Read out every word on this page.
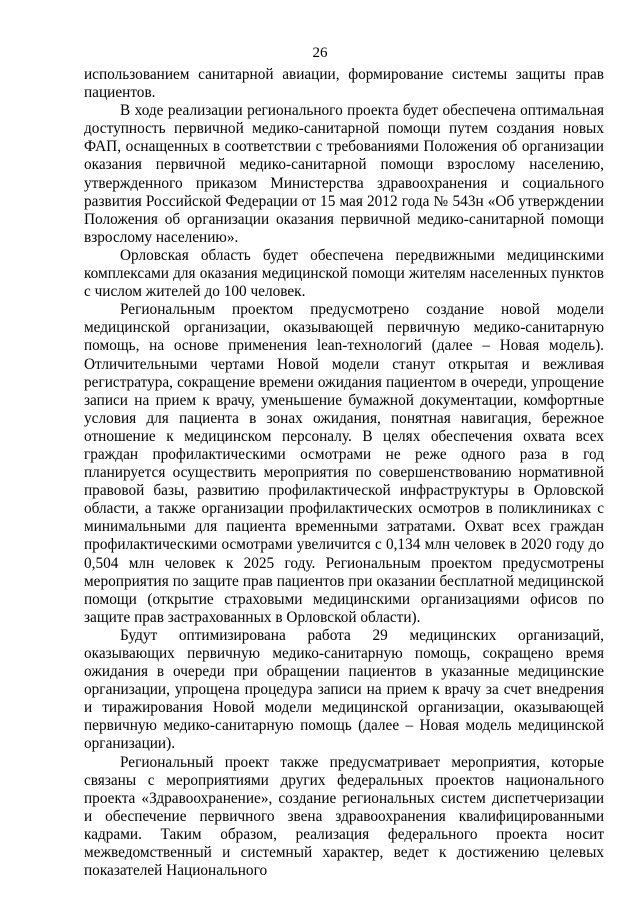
26

использованием санитарной авиации, формирование системы защиты прав пациентов.

В ходе реализации регионального проекта будет обеспечена оптимальная доступность первичной медико-санитарной помощи путем создания новых ФАП, оснащенных в соответствии с требованиями Положения об организации оказания первичной медико-санитарной помощи взрослому населению, утвержденного приказом Министерства здравоохранения и социального развития Российской Федерации от 15 мая 2012 года № 543н «Об утверждении Положения об организации оказания первичной медико-санитарной помощи взрослому населению».

Орловская область будет обеспечена передвижными медицинскими комплексами для оказания медицинской помощи жителям населенных пунктов с числом жителей до 100 человек.

Региональным проектом предусмотрено создание новой модели медицинской организации, оказывающей первичную медико-санитарную помощь, на основе применения lean-технологий (далее – Новая модель). Отличительными чертами Новой модели станут открытая и вежливая регистратура, сокращение времени ожидания пациентом в очереди, упрощение записи на прием к врачу, уменьшение бумажной документации, комфортные условия для пациента в зонах ожидания, понятная навигация, бережное отношение к медицинском персоналу. В целях обеспечения охвата всех граждан профилактическими осмотрами не реже одного раза в год планируется осуществить мероприятия по совершенствованию нормативной правовой базы, развитию профилактической инфраструктуры в Орловской области, а также организации профилактических осмотров в поликлиниках с минимальными для пациента временными затратами. Охват всех граждан профилактическими осмотрами увеличится с 0,134 млн человек в 2020 году до 0,504 млн человек к 2025 году. Региональным проектом предусмотрены мероприятия по защите прав пациентов при оказании бесплатной медицинской помощи (открытие страховыми медицинскими организациями офисов по защите прав застрахованных в Орловской области).

Будут оптимизирована работа 29 медицинских организаций, оказывающих первичную медико-санитарную помощь, сокращено время ожидания в очереди при обращении пациентов в указанные медицинские организации, упрощена процедура записи на прием к врачу за счет внедрения и тиражирования Новой модели медицинской организации, оказывающей первичную медико-санитарную помощь (далее – Новая модель медицинской организации).

Региональный проект также предусматривает мероприятия, которые связаны с мероприятиями других федеральных проектов национального проекта «Здравоохранение», создание региональных систем диспетчеризации и обеспечение первичного звена здравоохранения квалифицированными кадрами. Таким образом, реализация федерального проекта носит межведомственный и системный характер, ведет к достижению целевых показателей Национального
